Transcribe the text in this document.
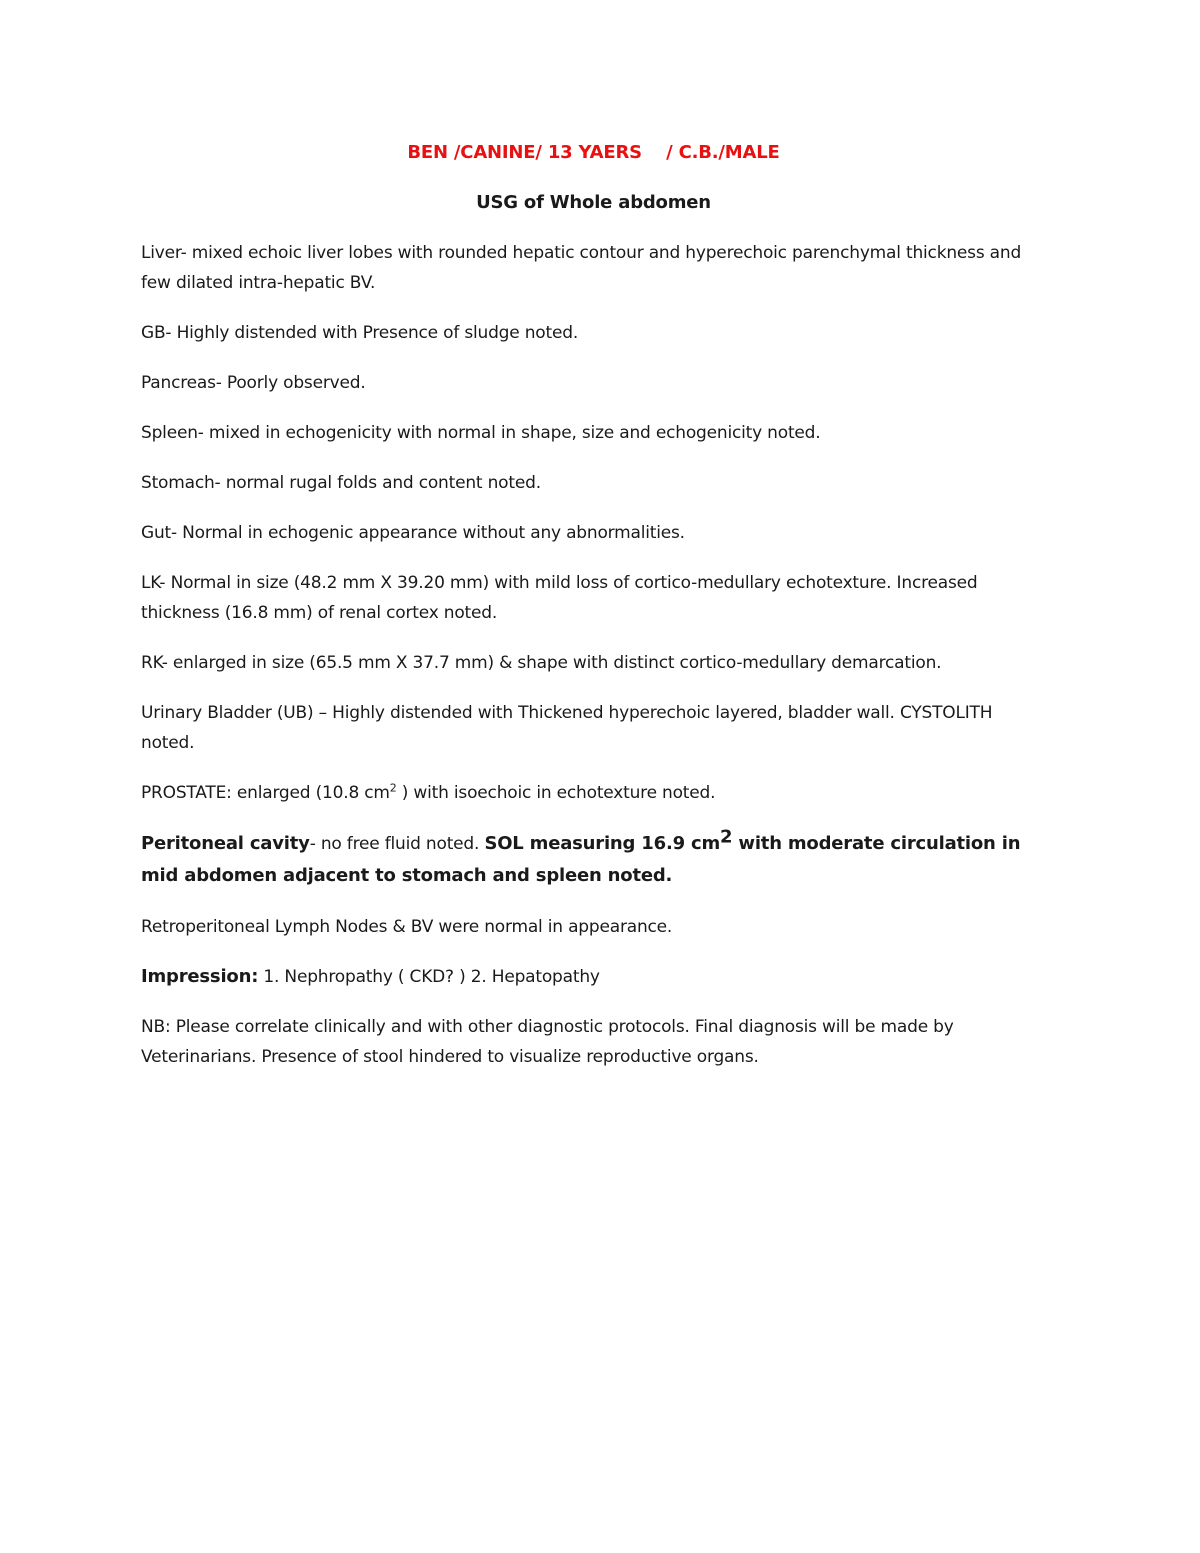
BEN /CANINE/ 13 YAERS    / C.B./MALE
USG of Whole abdomen

Liver- mixed echoic liver lobes with rounded hepatic contour and hyperechoic parenchymal thickness and few dilated intra-hepatic BV.

GB- Highly distended with Presence of sludge noted.

Pancreas- Poorly observed.

Spleen- mixed in echogenicity with normal in shape, size and echogenicity noted.

Stomach- normal rugal folds and content noted.

Gut- Normal in echogenic appearance without any abnormalities.

LK- Normal in size (48.2 mm X 39.20 mm) with mild loss of cortico-medullary echotexture. Increased thickness (16.8 mm) of renal cortex noted.

RK- enlarged in size (65.5 mm X 37.7 mm) & shape with distinct cortico-medullary demarcation.

Urinary Bladder (UB) – Highly distended with Thickened hyperechoic layered, bladder wall. CYSTOLITH noted.

PROSTATE: enlarged (10.8 $cm^2$ ) with isoechoic in echotexture noted.

Peritoneal cavity- no free fluid noted. SOL measuring 16.9 $cm^2$ with moderate circulation in mid abdomen adjacent to stomach and spleen noted.

Retroperitoneal Lymph Nodes & BV were normal in appearance.

Impression: 1. Nephropathy ( CKD? ) 2. Hepatopathy

NB: Please correlate clinically and with other diagnostic protocols. Final diagnosis will be made by Veterinarians. Presence of stool hindered to visualize reproductive organs.
